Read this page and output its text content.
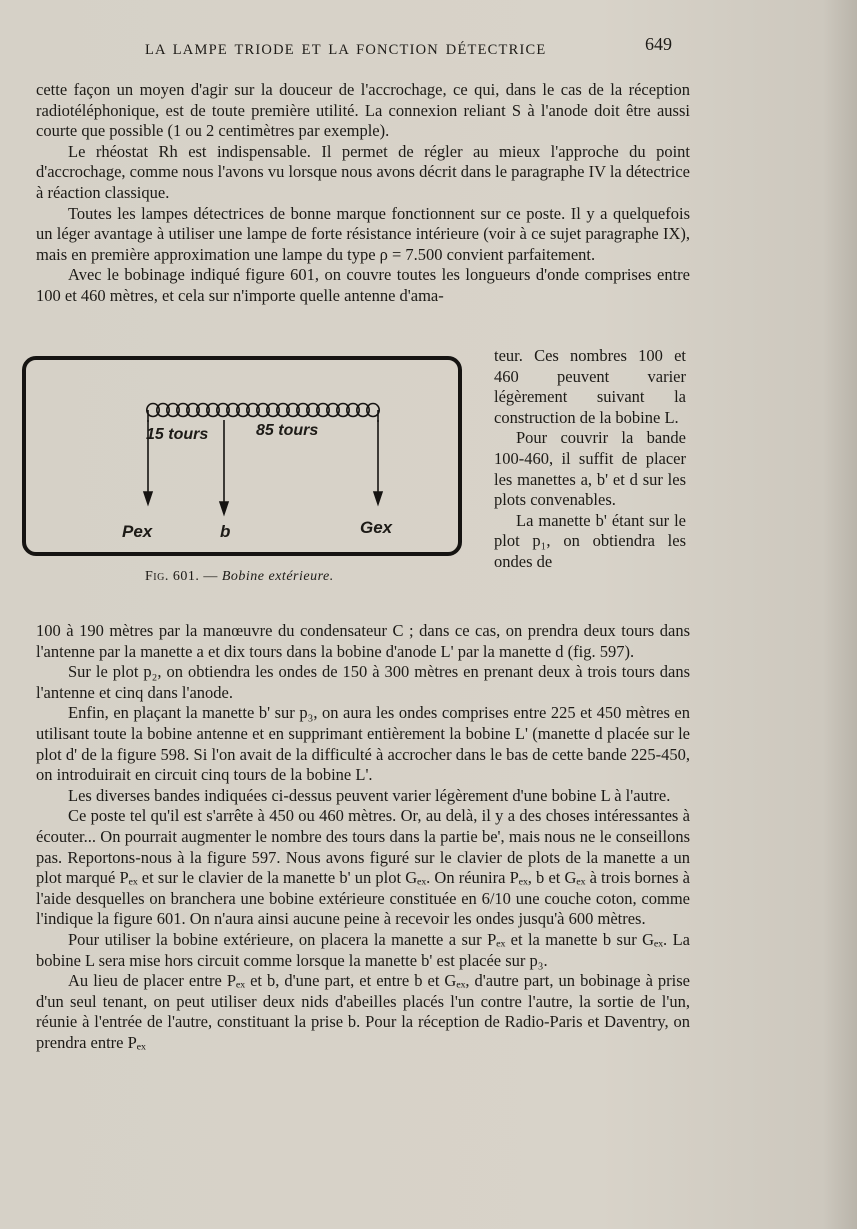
LA LAMPE TRIODE ET LA FONCTION DÉTECTRICE	649

cette façon un moyen d'agir sur la douceur de l'accrochage, ce qui, dans le cas de la réception radiotéléphonique, est de toute première utilité. La connexion reliant S à l'anode doit être aussi courte que possible (1 ou 2 centimètres par exemple).

Le rhéostat Rh est indispensable. Il permet de régler au mieux l'approche du point d'accrochage, comme nous l'avons vu lorsque nous avons décrit dans le paragraphe IV la détectrice à réaction classique.

Toutes les lampes détectrices de bonne marque fonctionnent sur ce poste. Il y a quelquefois un léger avantage à utiliser une lampe de forte résistance intérieure (voir à ce sujet paragraphe IX), mais en première approximation une lampe du type ρ = 7.500 convient parfaitement.

Avec le bobinage indiqué figure 601, on couvre toutes les longueurs d'onde comprises entre 100 et 460 mètres, et cela sur n'importe quelle antenne d'ama-

15 tours	85 tours
Pex	b	Gex
Fig. 601. — Bobine extérieure.

teur. Ces nombres 100 et 460 peuvent varier légèrement suivant la construction de la bobine L.

Pour couvrir la bande 100-460, il suffit de placer les manettes a, b' et d sur les plots convenables.

La manette b' étant sur le plot p₁, on obtiendra les ondes de

100 à 190 mètres par la manœuvre du condensateur C ; dans ce cas, on prendra deux tours dans l'antenne par la manette a et dix tours dans la bobine d'anode L' par la manette d (fig. 597).

Sur le plot p₂, on obtiendra les ondes de 150 à 300 mètres en prenant deux à trois tours dans l'antenne et cinq dans l'anode.

Enfin, en plaçant la manette b' sur p₃, on aura les ondes comprises entre 225 et 450 mètres en utilisant toute la bobine antenne et en supprimant entièrement la bobine L' (manette d placée sur le plot d' de la figure 598. Si l'on avait de la difficulté à accrocher dans le bas de cette bande 225-450, on introduirait en circuit cinq tours de la bobine L'.

Les diverses bandes indiquées ci-dessus peuvent varier légèrement d'une bobine L à l'autre.

Ce poste tel qu'il est s'arrête à 450 ou 460 mètres. Or, au delà, il y a des choses intéressantes à écouter... On pourrait augmenter le nombre des tours dans la partie be', mais nous ne le conseillons pas. Reportons-nous à la figure 597. Nous avons figuré sur le clavier de plots de la manette a un plot marqué Pₑₓ et sur le clavier de la manette b' un plot Gₑₓ. On réunira Pₑₓ, b et Gₑₓ à trois bornes à l'aide desquelles on branchera une bobine extérieure constituée en 6/10 une couche coton, comme l'indique la figure 601. On n'aura ainsi aucune peine à recevoir les ondes jusqu'à 600 mètres.

Pour utiliser la bobine extérieure, on placera la manette a sur Pₑₓ et la manette b sur Gₑₓ. La bobine L sera mise hors circuit comme lorsque la manette b' est placée sur p₃.

Au lieu de placer entre Pₑₓ et b, d'une part, et entre b et Gₑₓ, d'autre part, un bobinage à prise d'un seul tenant, on peut utiliser deux nids d'abeilles placés l'un contre l'autre, la sortie de l'un, réunie à l'entrée de l'autre, constituant la prise b. Pour la réception de Radio-Paris et Daventry, on prendra entre Pₑₓ
